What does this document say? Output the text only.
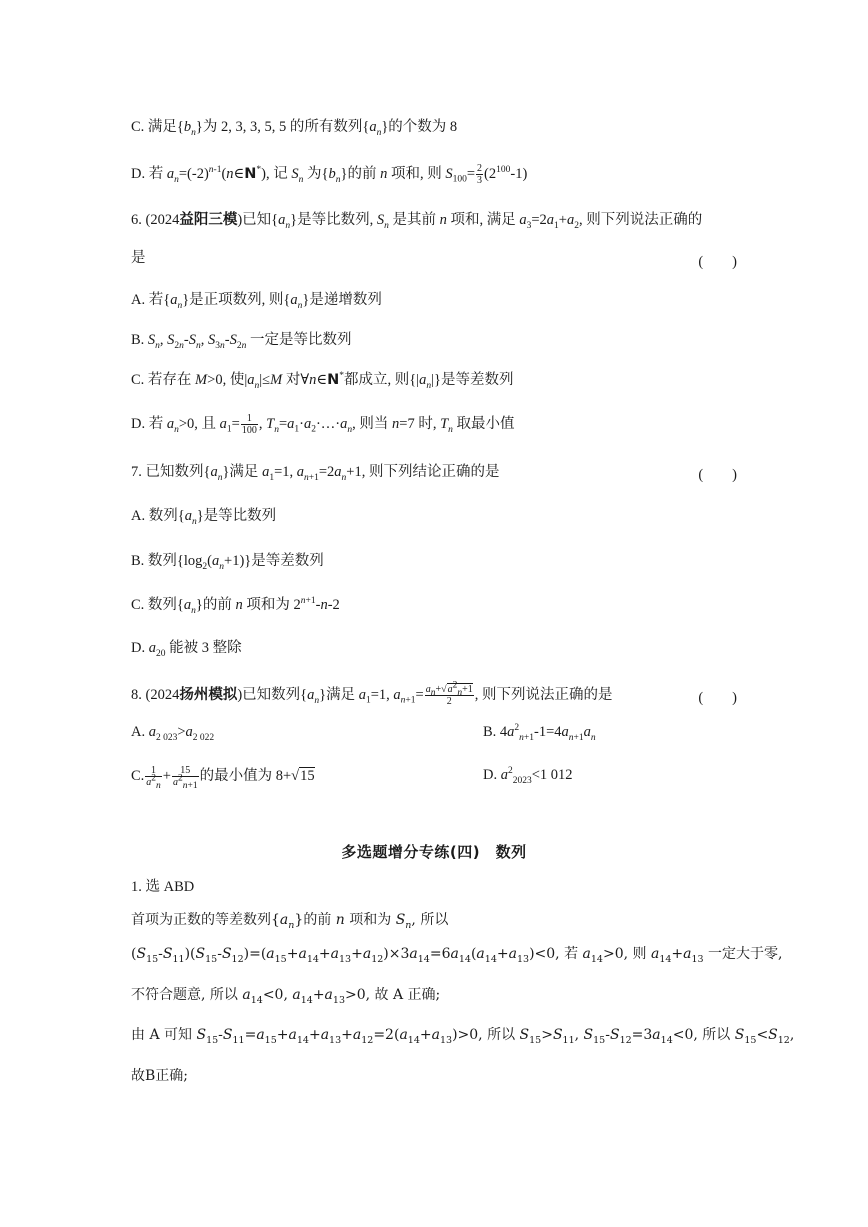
C. 满足$\{b_n\}$为 2, 3, 3, 5, 5 的所有数列$\{a_n\}$的个数为 8
D. 若 $a_n=(-2)^{n-1}(n\in N^*)$, 记 $S_n$ 为$\{b_n\}$的前 n 项和, 则 $S_{100}= \frac{2}{3} (2^{100}-1)$
6. (2024益阳三模)已知$\{a_n\}$是等比数列, $S_n$ 是其前 n 项和, 满足 $a_3=2a_1+a_2$, 则下列说法正确的
是	(　　)
A. 若$\{a_n\}$是正项数列, 则$\{a_n\}$是递增数列
B. $S_n$, $S_{2n}-S_n$, $S_{3n}-S_{2n}$ 一定是等比数列
C. 若存在 M>0, 使$|a_n|\le M$ 对∀n∈N*都成立, 则$\{|a_n|\}$是等差数列
D. 若 $a_n>0$, 且 $a_1= \frac{1}{100}$ , $T_n=a_1\cdot a_2\cdot\dots\cdot a_n$, 则当 n=7 时, $T_n$ 取最小值
7. 已知数列$\{a_n\}$满足 $a_1=1$, $a_{n+1}=2a_n+1$, 则下列结论正确的是	(　　)
A. 数列$\{a_n\}$是等比数列
B. 数列$\{\log_2(a_n+1)\}$是等差数列
C. 数列$\{a_n\}$的前 n 项和为 $2^{n+1}-n-2$
D. $a_{20}$ 能被 3 整除
8. (2024扬州模拟)已知数列$\{a_n\}$满足 $a_1=1$, $a_{n+1}= \frac{a_n+√a^2_n+1}{2}$ , 则下列说法正确的是	(　　)
A. $a_{2 023}>a_{2 022}$	B. $4a^2_{n+1}-1=4a_{n+1}a_n$
C. $\frac{1}{a^2_n} + \frac{15}{a^2_{n+1}}$ 的最小值为 8+√15	D. $a^2_{2023}<1$ 012
多选题增分专练(四)　数列
1. 选 ABD
首项为正数的等差数列$\{a_n\}$的前 n 项和为 $S_n$, 所以
$(S_{15}-S_{11})(S_{15}-S_{12})=(a_{15}+a_{14}+a_{13}+a_{12})\times 3a_{14}=6a_{14}(a_{14}+a_{13})<0$, 若 $a_{14}>0$, 则 $a_{14}+a_{13}$ 一定大于零,
不符合题意, 所以 $a_{14}<0$, $a_{14}+a_{13}>0$, 故 A 正确;
由 A 可知 $S_{15}-S_{11}=a_{15}+a_{14}+a_{13}+a_{12}=2(a_{14}+a_{13})>0$, 所以 $S_{15}>S_{11}$, $S_{15}-S_{12}=3a_{14}<0$, 所以 $S_{15}<S_{12}$,
故B正确;
